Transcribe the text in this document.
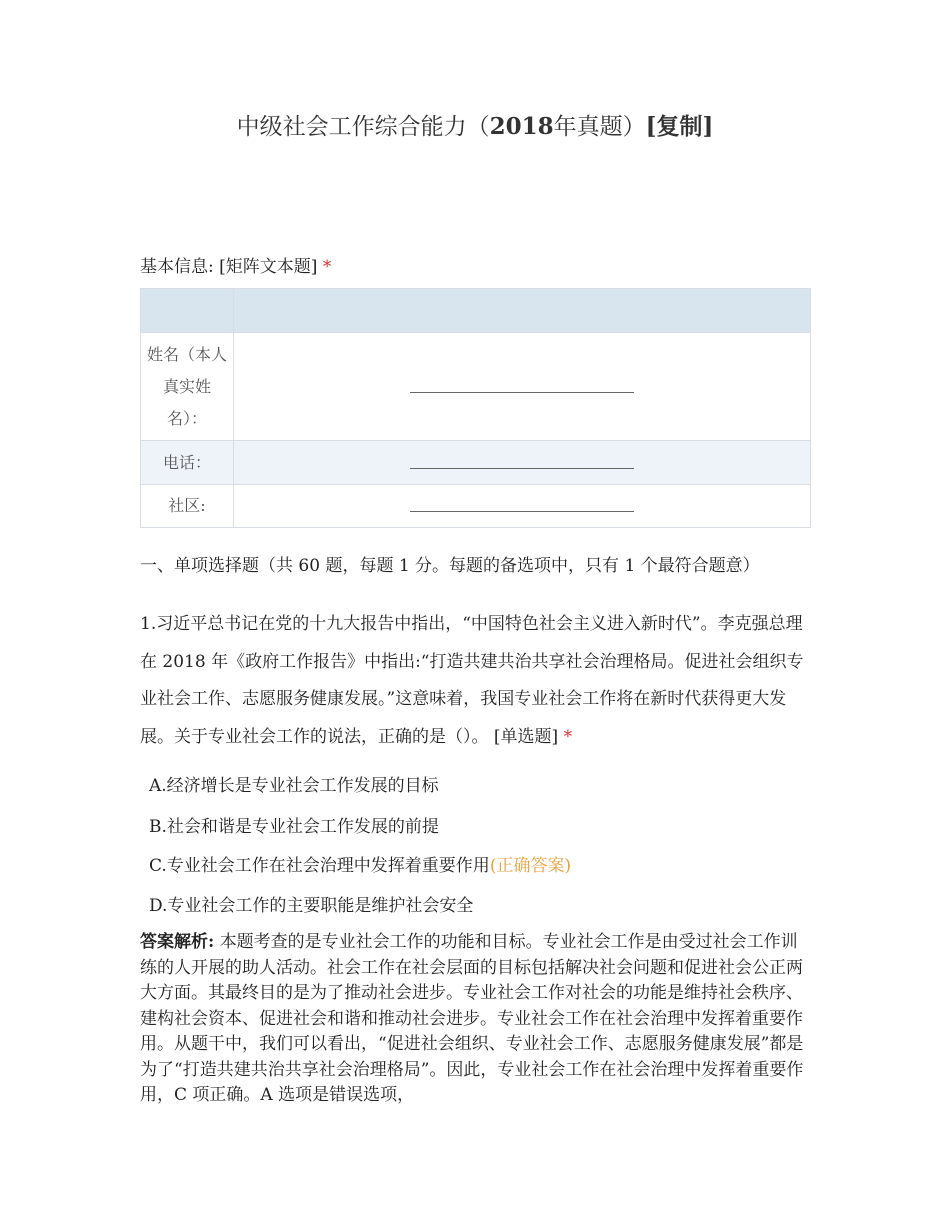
中级社会工作综合能力（2018年真题）[复制]
基本信息: [矩阵文本题] *

姓名（本人真实姓名）：	
电话：	
社区:	
一、单项选择题（共 60 题，每题 1 分。每题的备选项中，只有 1 个最符合题意）
1.习近平总书记在党的十九大报告中指出，“中国特色社会主义进入新时代”。李克强总理在 2018 年《政府工作报告》中指出:“打造共建共治共享社会治理格局。促进社会组织专业社会工作、志愿服务健康发展。”这意味着，我国专业社会工作将在新时代获得更大发展。关于专业社会工作的说法，正确的是（）。 [单选题] *
A.经济增长是专业社会工作发展的目标
B.社会和谐是专业社会工作发展的前提
C.专业社会工作在社会治理中发挥着重要作用(正确答案)
D.专业社会工作的主要职能是维护社会安全
答案解析: 本题考查的是专业社会工作的功能和目标。专业社会工作是由受过社会工作训练的人开展的助人活动。社会工作在社会层面的目标包括解决社会问题和促进社会公正两大方面。其最终目的是为了推动社会进步。专业社会工作对社会的功能是维持社会秩序、建构社会资本、促进社会和谐和推动社会进步。专业社会工作在社会治理中发挥着重要作用。从题干中，我们可以看出，“促进社会组织、专业社会工作、志愿服务健康发展”都是为了“打造共建共治共享社会治理格局”。因此，专业社会工作在社会治理中发挥着重要作用，C 项正确。A 选项是错误选项，
